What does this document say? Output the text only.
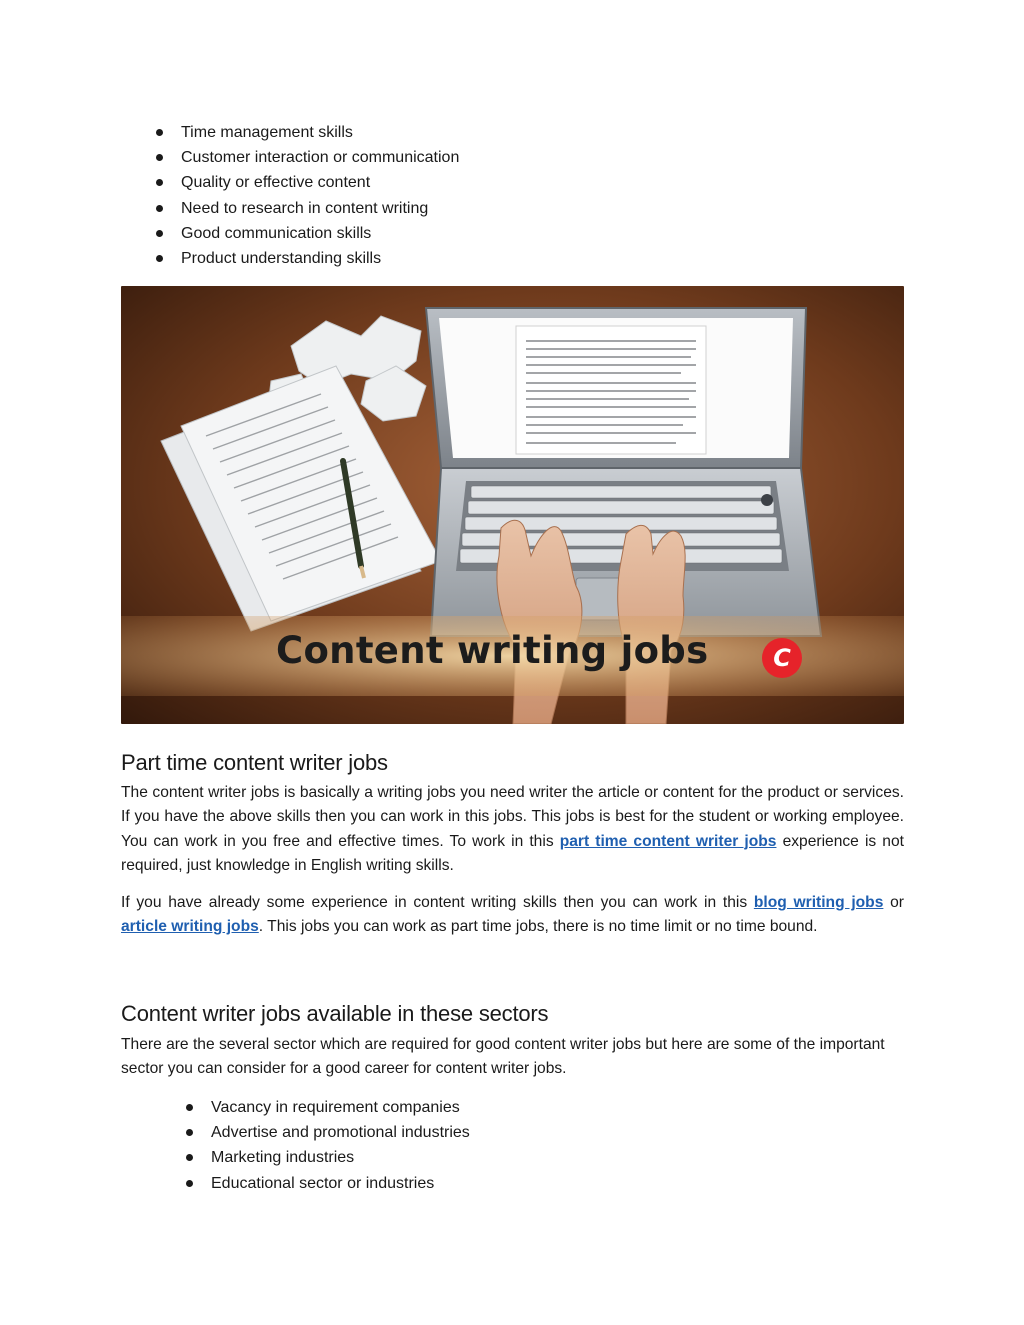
Time management skills
Customer interaction or communication
Quality or effective content
Need to research in content writing
Good communication skills
Product understanding skills
Content writing jobs	C
Part time content writer jobs

The content writer jobs is basically a writing jobs you need writer the article or content for the product or services. If you have the above skills then you can work in this jobs. This jobs is best for the student or working employee. You can work in you free and effective times. To work in this part time content writer jobs experience is not required, just knowledge in English writing skills.

If you have already some experience in content writing skills then you can work in this blog writing jobs or article writing jobs. This jobs you can work as part time jobs, there is no time limit or no time bound.

Content writer jobs available in these sectors

There are the several sector which are required for good content writer jobs but here are some of the important sector you can consider for a good career for content writer jobs.

Vacancy in requirement companies
Advertise and promotional industries
Marketing industries
Educational sector or industries
